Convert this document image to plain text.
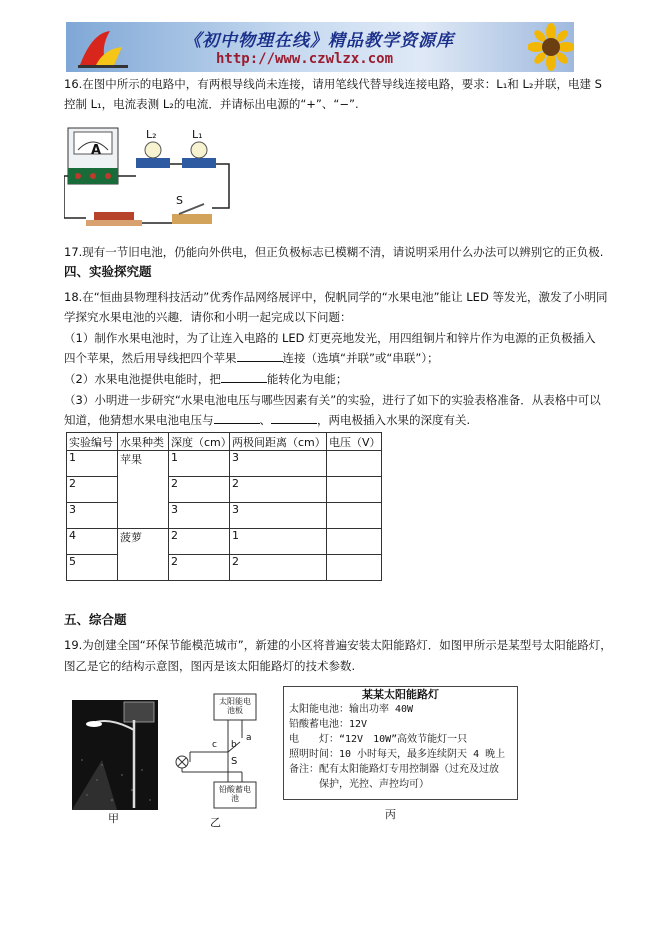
《初中物理在线》精品教学资源库
http://www.czwlzx.com
16.在图中所示的电路中，有两根导线尚未连接，请用笔线代替导线连接电路，要求：L₁和 L₂并联，电建 S
控制 L₁，电流表测 L₂的电流．并请标出电源的“+”、“−”.
A
L₂	L₁
S
17.现有一节旧电池，仍能向外供电，但正负极标志已模糊不清，请说明采用什么办法可以辨别它的正负极.
四、实验探究题
18.在“恒曲县物理科技活动”优秀作品网络展评中，倪帆同学的“水果电池”能让 LED 等发光，激发了小明同
学探究水果电池的兴趣．请你和小明一起完成以下问题：
（1）制作水果电池时，为了让连入电路的 LED 灯更亮地发光，用四组铜片和锌片作为电源的正负极插入
四个苹果，然后用导线把四个苹果	连接（选填“并联”或“串联”）；
（2）水果电池提供电能时，把	能转化为电能；
（3）小明进一步研究“水果电池电压与哪些因素有关”的实验，进行了如下的实验表格准备．从表格中可以
知道，他猜想水果电池电压与	、	，两电极插入水果的深度有关.
实验编号	水果种类	深度（cm）	两极间距离（cm）	电压（V）
1	苹果	1	3	
2		2	2	
3		3	3	
4	菠萝	2	1	
5		2	2	
五、综合题
19.为创建全国“环保节能模范城市”，新建的小区将普遍安装太阳能路灯．如图甲所示是某型号太阳能路灯，
图乙是它的结构示意图，图丙是该太阳能路灯的技术参数.
甲
太阳能电池板
铅酸蓄电池
S
a
b
c
乙
某某太阳能路灯
太阳能电池：输出功率 40W
铅酸蓄电池：12V
电　　灯：“12V　10W”高效节能灯一只
照明时间：10 小时每天，最多连续阴天 4 晚上
备注：配有太阳能路灯专用控制器（过充及过放
　　　保护，光控、声控均可）
丙
